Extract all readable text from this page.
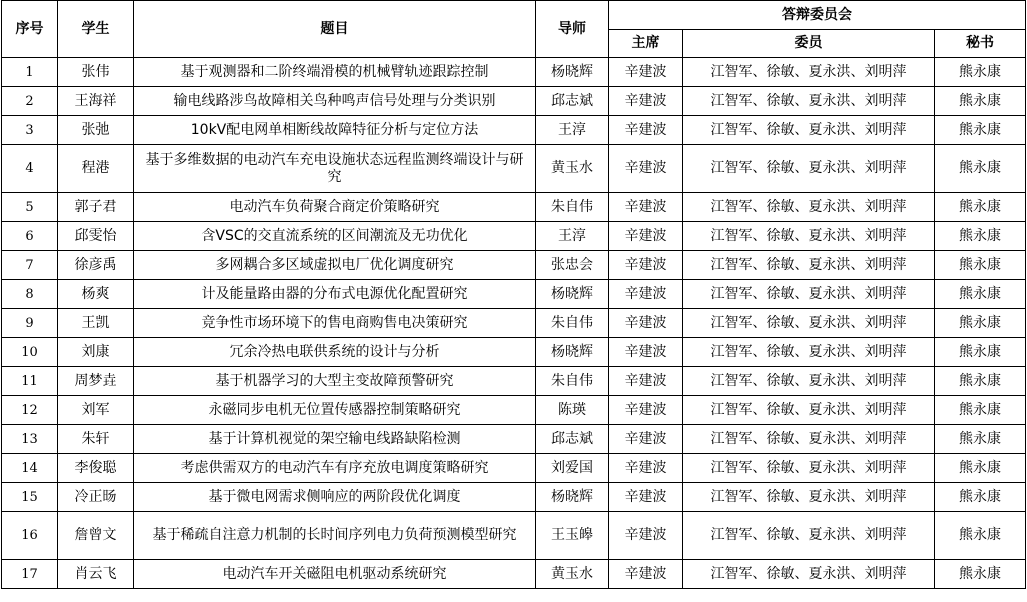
序号	学生	题目	导师	答辩委员会		
				主席	委员	秘书
1	张伟	基于观测器和二阶终端滑模的机械臂轨迹跟踪控制	杨晓辉	辛建波	江智军、徐敏、夏永洪、刘明萍	熊永康
2	王海祥	输电线路涉鸟故障相关鸟种鸣声信号处理与分类识别	邱志斌	辛建波	江智军、徐敏、夏永洪、刘明萍	熊永康
3	张弛	10kV配电网单相断线故障特征分析与定位方法	王淳	辛建波	江智军、徐敏、夏永洪、刘明萍	熊永康
4	程港	基于多维数据的电动汽车充电设施状态远程监测终端设计与研究	黄玉水	辛建波	江智军、徐敏、夏永洪、刘明萍	熊永康
5	郭子君	电动汽车负荷聚合商定价策略研究	朱自伟	辛建波	江智军、徐敏、夏永洪、刘明萍	熊永康
6	邱雯怡	含VSC的交直流系统的区间潮流及无功优化	王淳	辛建波	江智军、徐敏、夏永洪、刘明萍	熊永康
7	徐彦禹	多网耦合多区域虚拟电厂优化调度研究	张忠会	辛建波	江智军、徐敏、夏永洪、刘明萍	熊永康
8	杨爽	计及能量路由器的分布式电源优化配置研究	杨晓辉	辛建波	江智军、徐敏、夏永洪、刘明萍	熊永康
9	王凯	竞争性市场环境下的售电商购售电决策研究	朱自伟	辛建波	江智军、徐敏、夏永洪、刘明萍	熊永康
10	刘康	冗余冷热电联供系统的设计与分析	杨晓辉	辛建波	江智军、徐敏、夏永洪、刘明萍	熊永康
11	周梦垚	基于机器学习的大型主变故障预警研究	朱自伟	辛建波	江智军、徐敏、夏永洪、刘明萍	熊永康
12	刘军	永磁同步电机无位置传感器控制策略研究	陈瑛	辛建波	江智军、徐敏、夏永洪、刘明萍	熊永康
13	朱轩	基于计算机视觉的架空输电线路缺陷检测	邱志斌	辛建波	江智军、徐敏、夏永洪、刘明萍	熊永康
14	李俊聪	考虑供需双方的电动汽车有序充放电调度策略研究	刘爱国	辛建波	江智军、徐敏、夏永洪、刘明萍	熊永康
15	冷正旸	基于微电网需求侧响应的两阶段优化调度	杨晓辉	辛建波	江智军、徐敏、夏永洪、刘明萍	熊永康
16	詹曾文	基于稀疏自注意力机制的长时间序列电力负荷预测模型研究	王玉皞	辛建波	江智军、徐敏、夏永洪、刘明萍	熊永康
17	肖云飞	电动汽车开关磁阻电机驱动系统研究	黄玉水	辛建波	江智军、徐敏、夏永洪、刘明萍	熊永康
